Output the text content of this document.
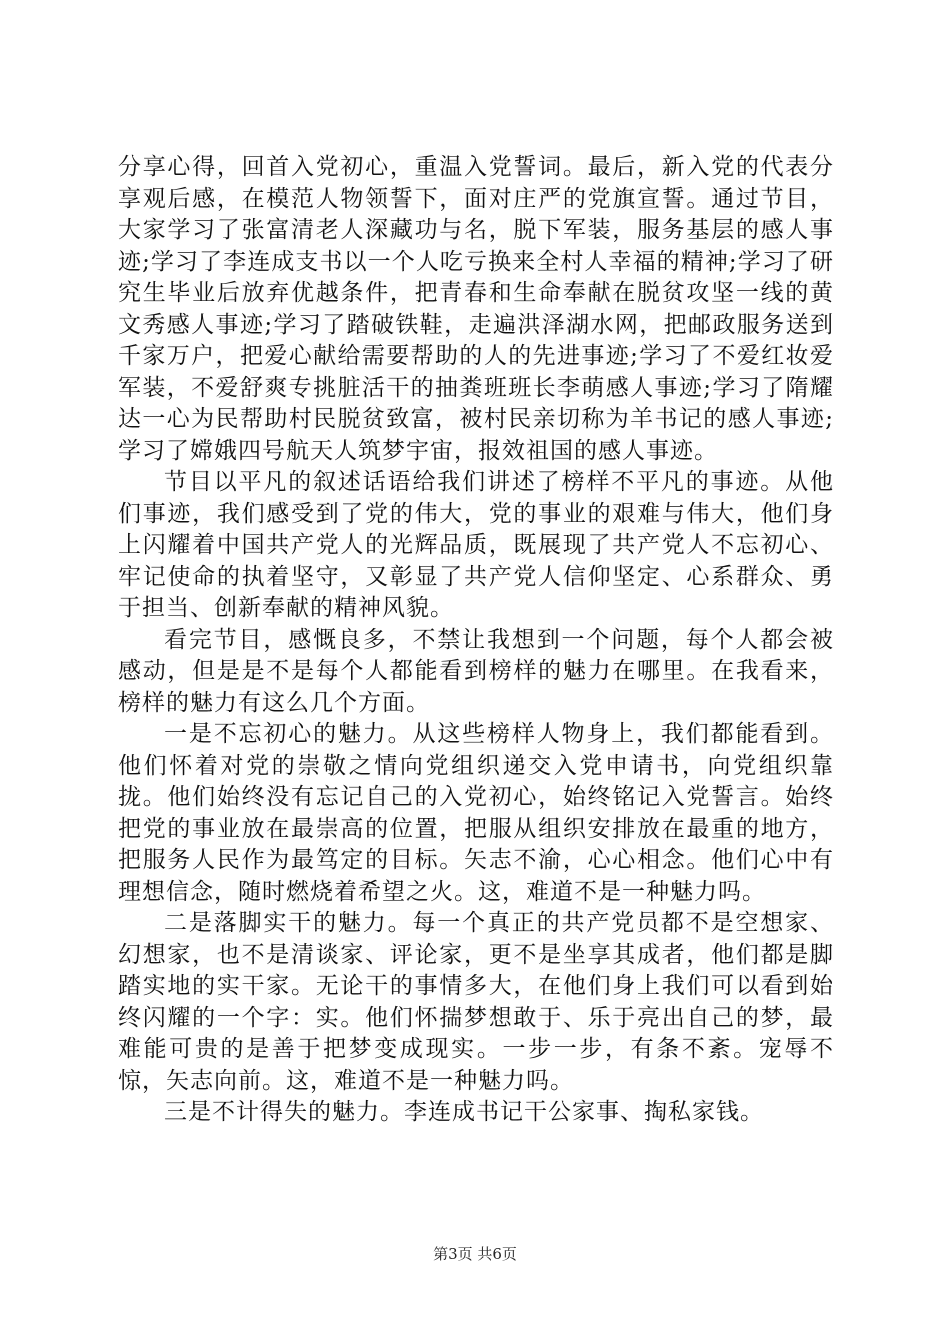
分享心得，回首入党初心，重温入党誓词。最后，新入党的代表分享观后感，在模范人物领誓下，面对庄严的党旗宣誓。通过节目，大家学习了张富清老人深藏功与名，脱下军装，服务基层的感人事迹;学习了李连成支书以一个人吃亏换来全村人幸福的精神;学习了研究生毕业后放弃优越条件，把青春和生命奉献在脱贫攻坚一线的黄文秀感人事迹;学习了踏破铁鞋，走遍洪泽湖水网，把邮政服务送到千家万户，把爱心献给需要帮助的人的先进事迹;学习了不爱红妆爱军装，不爱舒爽专挑脏活干的抽粪班班长李萌感人事迹;学习了隋耀达一心为民帮助村民脱贫致富，被村民亲切称为羊书记的感人事迹;学习了嫦娥四号航天人筑梦宇宙，报效祖国的感人事迹。

节目以平凡的叙述话语给我们讲述了榜样不平凡的事迹。从他们事迹，我们感受到了党的伟大，党的事业的艰难与伟大，他们身上闪耀着中国共产党人的光辉品质，既展现了共产党人不忘初心、牢记使命的执着坚守，又彰显了共产党人信仰坚定、心系群众、勇于担当、创新奉献的精神风貌。

看完节目，感慨良多，不禁让我想到一个问题，每个人都会被感动，但是是不是每个人都能看到榜样的魅力在哪里。在我看来，榜样的魅力有这么几个方面。

一是不忘初心的魅力。从这些榜样人物身上，我们都能看到。他们怀着对党的崇敬之情向党组织递交入党申请书，向党组织靠拢。他们始终没有忘记自己的入党初心，始终铭记入党誓言。始终把党的事业放在最崇高的位置，把服从组织安排放在最重的地方，把服务人民作为最笃定的目标。矢志不渝，心心相念。他们心中有理想信念，随时燃烧着希望之火。这，难道不是一种魅力吗。

二是落脚实干的魅力。每一个真正的共产党员都不是空想家、幻想家，也不是清谈家、评论家，更不是坐享其成者，他们都是脚踏实地的实干家。无论干的事情多大，在他们身上我们可以看到始终闪耀的一个字：实。他们怀揣梦想敢于、乐于亮出自己的梦，最难能可贵的是善于把梦变成现实。一步一步，有条不紊。宠辱不惊，矢志向前。这，难道不是一种魅力吗。

三是不计得失的魅力。李连成书记干公家事、掏私家钱。

第3页 共6页
